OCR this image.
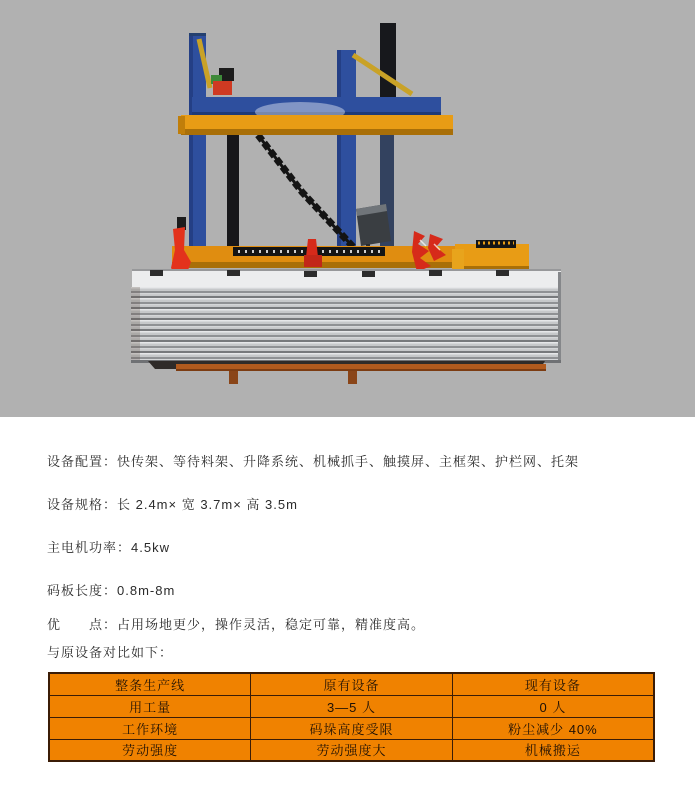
设备配置：快传架、等待料架、升降系统、机械抓手、触摸屏、主框架、护栏网、托架

设备规格：长 2.4m× 宽 3.7m× 高 3.5m

主电机功率：4.5kw

码板长度：0.8m-8m

优　　点：占用场地更少，操作灵活，稳定可靠，精准度高。

与原设备对比如下：

整条生产线	原有设备	现有设备
用工量	3—5 人	0 人
工作环境	码垛高度受限	粉尘减少 40%
劳动强度	劳动强度大	机械搬运
